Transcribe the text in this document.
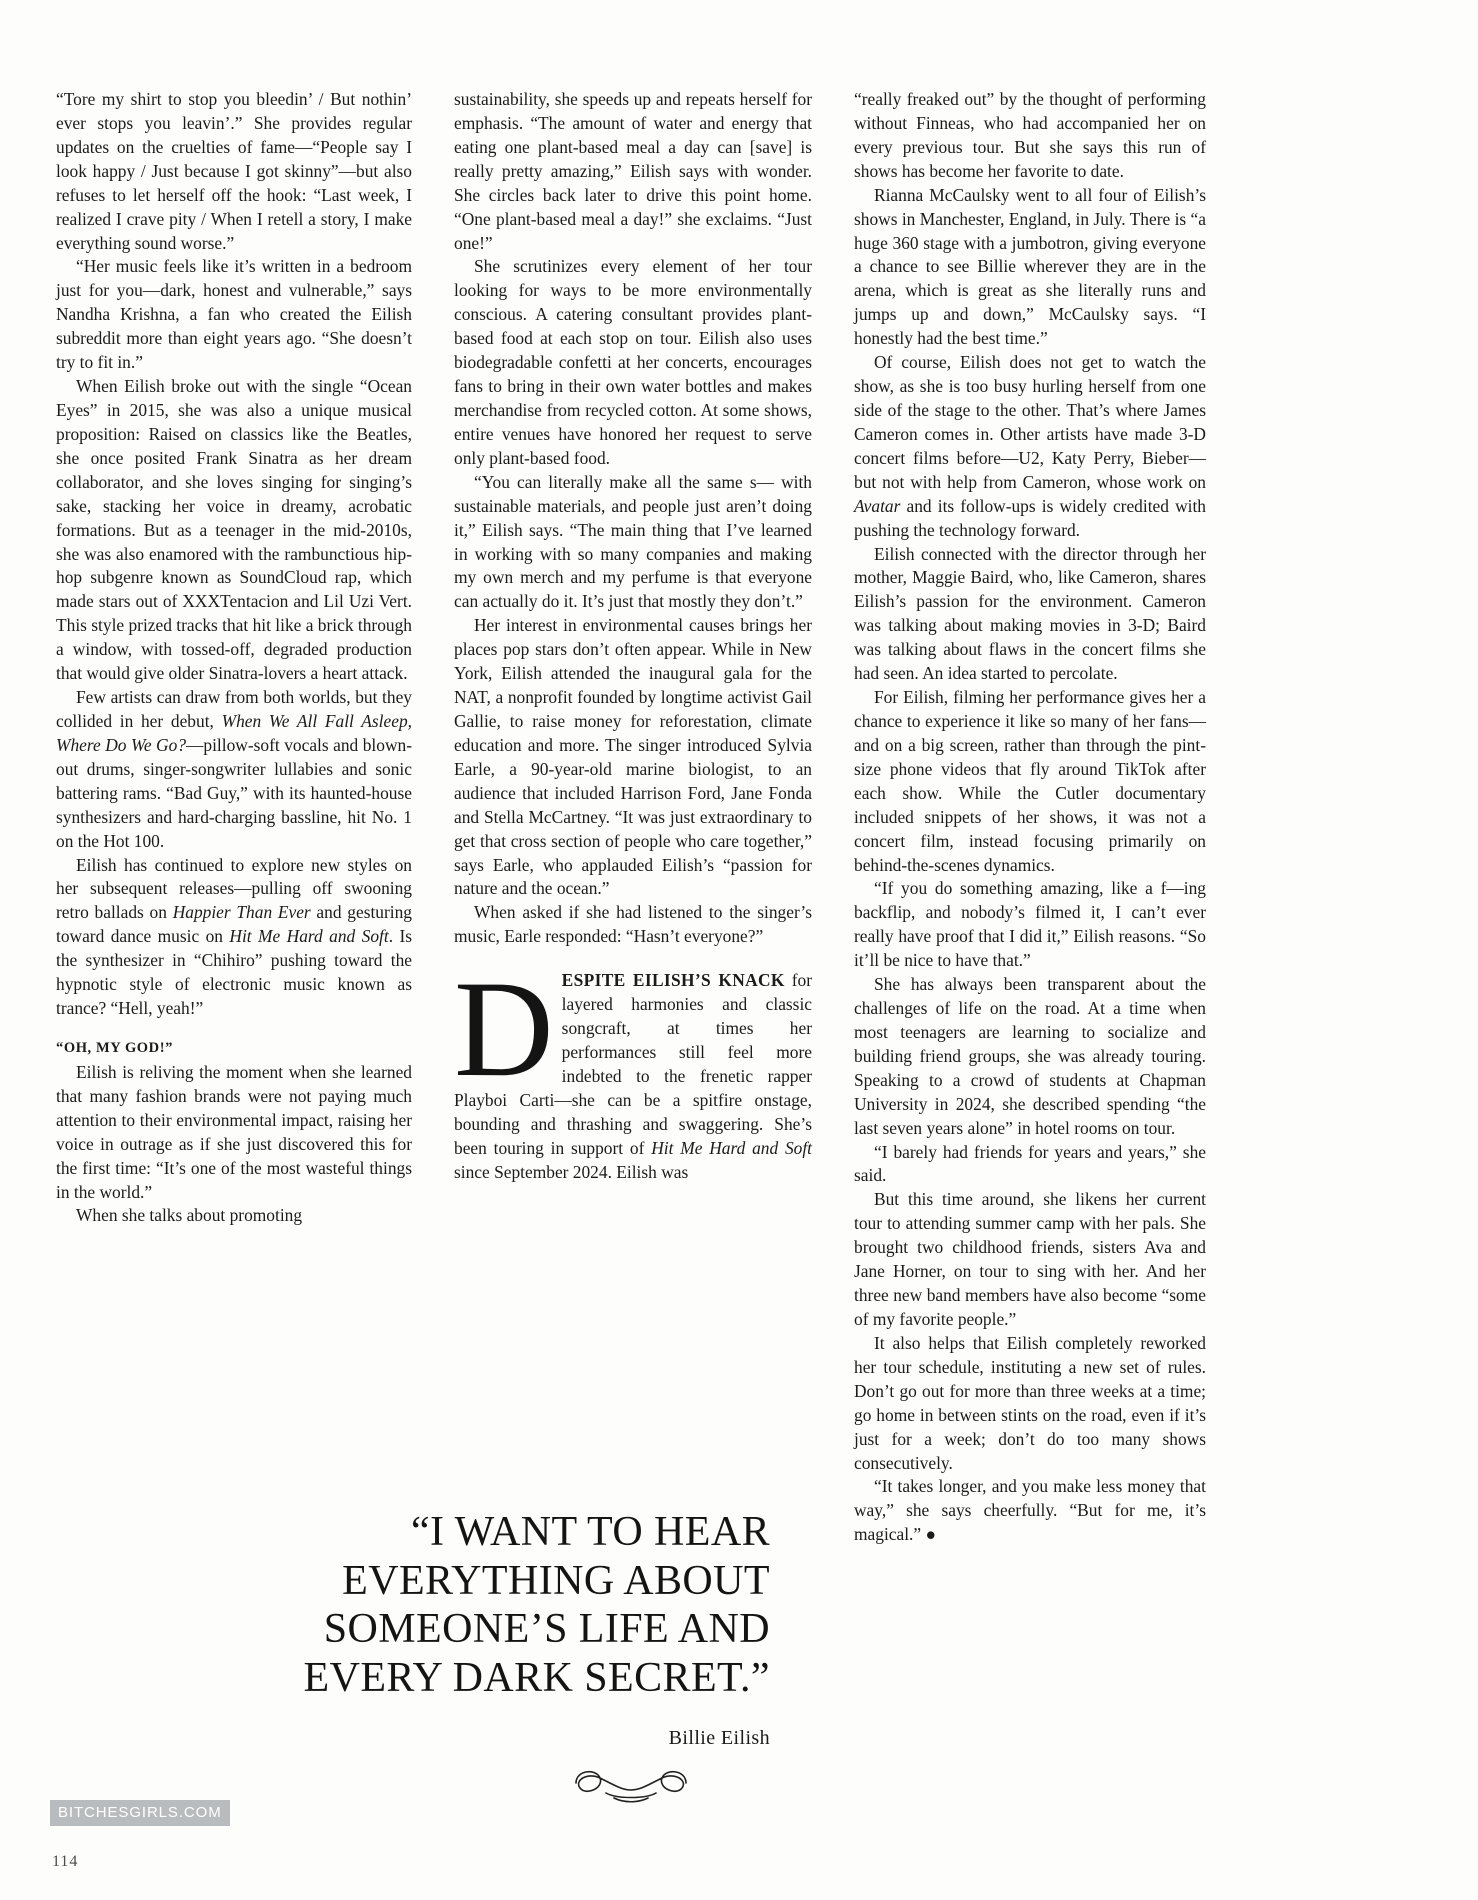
“Tore my shirt to stop you bleedin’ / But nothin’ ever stops you leavin’.” She provides regular updates on the cruelties of fame—“People say I look happy / Just because I got skinny”—but also refuses to let herself off the hook: “Last week, I realized I crave pity / When I retell a story, I make everything sound worse.”

“Her music feels like it’s written in a bedroom just for you—dark, honest and vulnerable,” says Nandha Krishna, a fan who created the Eilish subreddit more than eight years ago. “She doesn’t try to fit in.”

When Eilish broke out with the single “Ocean Eyes” in 2015, she was also a unique musical proposition: Raised on classics like the Beatles, she once posited Frank Sinatra as her dream collaborator, and she loves singing for singing’s sake, stacking her voice in dreamy, acrobatic formations. But as a teenager in the mid-2010s, she was also enamored with the rambunctious hip-hop subgenre known as SoundCloud rap, which made stars out of XXXTentacion and Lil Uzi Vert. This style prized tracks that hit like a brick through a window, with tossed-off, degraded production that would give older Sinatra-lovers a heart attack.

Few artists can draw from both worlds, but they collided in her debut, When We All Fall Asleep, Where Do We Go?—pillow-soft vocals and blown-out drums, singer-songwriter lullabies and sonic battering rams. “Bad Guy,” with its haunted-house synthesizers and hard-charging bassline, hit No. 1 on the Hot 100.

Eilish has continued to explore new styles on her subsequent releases—pulling off swooning retro ballads on Happier Than Ever and gesturing toward dance music on Hit Me Hard and Soft. Is the synthesizer in “Chihiro” pushing toward the hypnotic style of electronic music known as trance? “Hell, yeah!”

“OH, MY GOD!”

Eilish is reliving the moment when she learned that many fashion brands were not paying much attention to their environmental impact, raising her voice in outrage as if she just discovered this for the first time: “It’s one of the most wasteful things in the world.”

When she talks about promoting

sustainability, she speeds up and repeats herself for emphasis. “The amount of water and energy that eating one plant-based meal a day can [save] is really pretty amazing,” Eilish says with wonder. She circles back later to drive this point home. “One plant-based meal a day!” she exclaims. “Just one!”

She scrutinizes every element of her tour looking for ways to be more environmentally conscious. A catering consultant provides plant-based food at each stop on tour. Eilish also uses biodegradable confetti at her concerts, encourages fans to bring in their own water bottles and makes merchandise from recycled cotton. At some shows, entire venues have honored her request to serve only plant-based food.

“You can literally make all the same s— with sustainable materials, and people just aren’t doing it,” Eilish says. “The main thing that I’ve learned in working with so many companies and making my own merch and my perfume is that everyone can actually do it. It’s just that mostly they don’t.”

Her interest in environmental causes brings her places pop stars don’t often appear. While in New York, Eilish attended the inaugural gala for the NAT, a nonprofit founded by longtime activist Gail Gallie, to raise money for reforestation, climate education and more. The singer introduced Sylvia Earle, a 90-year-old marine biologist, to an audience that included Harrison Ford, Jane Fonda and Stella McCartney. “It was just extraordinary to get that cross section of people who care together,” says Earle, who applauded Eilish’s “passion for nature and the ocean.”

When asked if she had listened to the singer’s music, Earle responded: “Hasn’t everyone?”

DESPITE EILISH’S KNACK for layered harmonies and classic songcraft, at times her performances still feel more indebted to the frenetic rapper Playboi Carti—she can be a spitfire onstage, bounding and thrashing and swaggering. She’s been touring in support of Hit Me Hard and Soft since September 2024. Eilish was

“really freaked out” by the thought of performing without Finneas, who had accompanied her on every previous tour. But she says this run of shows has become her favorite to date.

Rianna McCaulsky went to all four of Eilish’s shows in Manchester, England, in July. There is “a huge 360 stage with a jumbotron, giving everyone a chance to see Billie wherever they are in the arena, which is great as she literally runs and jumps up and down,” McCaulsky says. “I honestly had the best time.”

Of course, Eilish does not get to watch the show, as she is too busy hurling herself from one side of the stage to the other. That’s where James Cameron comes in. Other artists have made 3-D concert films before—U2, Katy Perry, Bieber—but not with help from Cameron, whose work on Avatar and its follow-ups is widely credited with pushing the technology forward.

Eilish connected with the director through her mother, Maggie Baird, who, like Cameron, shares Eilish’s passion for the environment. Cameron was talking about making movies in 3-D; Baird was talking about flaws in the concert films she had seen. An idea started to percolate.

For Eilish, filming her performance gives her a chance to experience it like so many of her fans—and on a big screen, rather than through the pint-size phone videos that fly around TikTok after each show. While the Cutler documentary included snippets of her shows, it was not a concert film, instead focusing primarily on behind-the-scenes dynamics.

“If you do something amazing, like a f—ing backflip, and nobody’s filmed it, I can’t ever really have proof that I did it,” Eilish reasons. “So it’ll be nice to have that.”

She has always been transparent about the challenges of life on the road. At a time when most teenagers are learning to socialize and building friend groups, she was already touring. Speaking to a crowd of students at Chapman University in 2024, she described spending “the last seven years alone” in hotel rooms on tour.

“I barely had friends for years and years,” she said.

But this time around, she likens her current tour to attending summer camp with her pals. She brought two childhood friends, sisters Ava and Jane Horner, on tour to sing with her. And her three new band members have also become “some of my favorite people.”

It also helps that Eilish completely reworked her tour schedule, instituting a new set of rules. Don’t go out for more than three weeks at a time; go home in between stints on the road, even if it’s just for a week; don’t do too many shows consecutively.

“It takes longer, and you make less money that way,” she says cheerfully. “But for me, it’s magical.” ●

“I WANT TO HEAR
EVERYTHING ABOUT
SOMEONE’S LIFE AND
EVERY DARK SECRET.”
Billie Eilish
BITCHESGIRLS.COM
114
